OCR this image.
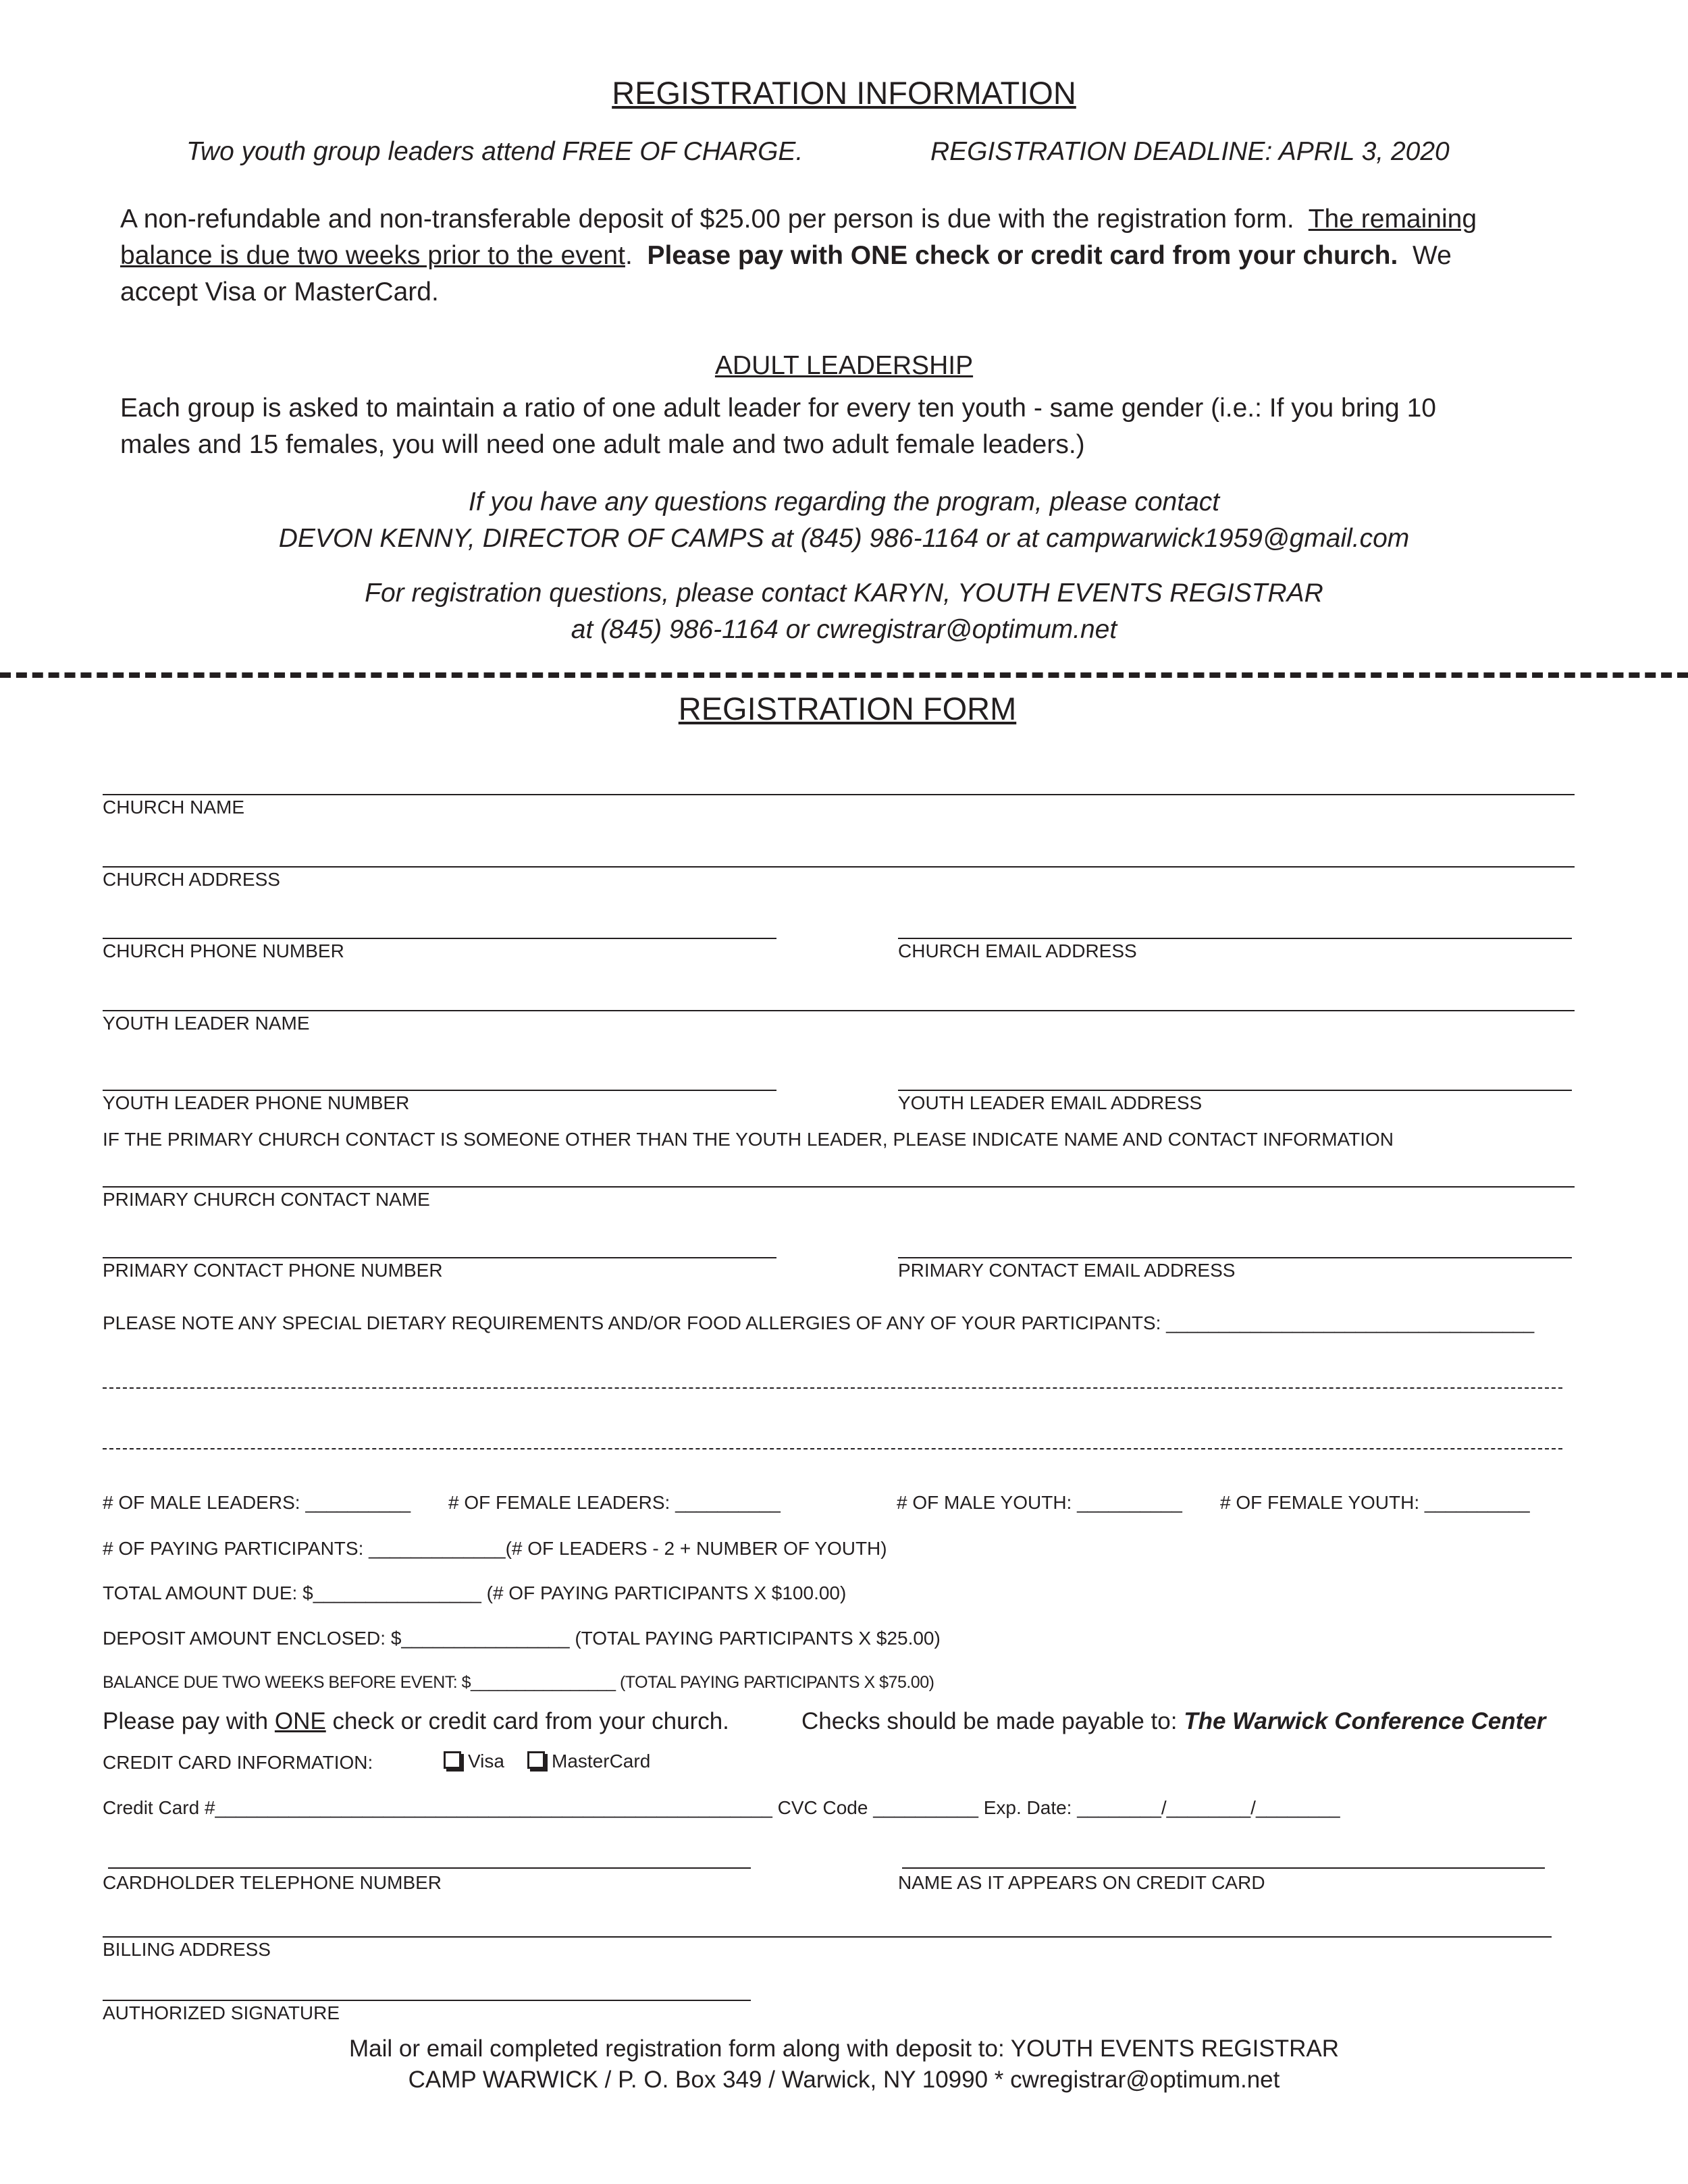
REGISTRATION INFORMATION
Two youth group leaders attend FREE OF CHARGE.	REGISTRATION DEADLINE: APRIL 3, 2020
A non-refundable and non-transferable deposit of $25.00 per person is due with the registration form. The remaining
balance is due two weeks prior to the event.  Please pay with ONE check or credit card from your church. We
accept Visa or MasterCard.
ADULT LEADERSHIP
Each group is asked to maintain a ratio of one adult leader for every ten youth - same gender (i.e.: If you bring 10
males and 15 females, you will need one adult male and two adult female leaders.)
If you have any questions regarding the program, please contact
DEVON KENNY, DIRECTOR OF CAMPS at (845) 986-1164 or at campwarwick1959@gmail.com
For registration questions, please contact KARYN, YOUTH EVENTS REGISTRAR
at (845) 986-1164 or cwregistrar@optimum.net
REGISTRATION FORM
CHURCH NAME
CHURCH ADDRESS
CHURCH PHONE NUMBER	CHURCH EMAIL ADDRESS
YOUTH LEADER NAME
YOUTH LEADER PHONE NUMBER	YOUTH LEADER EMAIL ADDRESS
IF THE PRIMARY CHURCH CONTACT IS SOMEONE OTHER THAN THE YOUTH LEADER, PLEASE INDICATE NAME AND CONTACT INFORMATION
PRIMARY CHURCH CONTACT NAME
PRIMARY CONTACT PHONE NUMBER	PRIMARY CONTACT EMAIL ADDRESS
PLEASE NOTE ANY SPECIAL DIETARY REQUIREMENTS AND/OR FOOD ALLERGIES OF ANY OF YOUR PARTICIPANTS: ___________________________________
# OF MALE LEADERS: __________ # OF FEMALE LEADERS: __________	# OF MALE YOUTH: __________ # OF FEMALE YOUTH: __________
# OF PAYING PARTICIPANTS: _____________(# OF LEADERS - 2 + NUMBER OF YOUTH)
TOTAL AMOUNT DUE: $________________ (# OF PAYING PARTICIPANTS X $100.00)
DEPOSIT AMOUNT ENCLOSED: $________________ (TOTAL PAYING PARTICIPANTS X $25.00)
BALANCE DUE TWO WEEKS BEFORE EVENT: $________________ (TOTAL PAYING PARTICIPANTS X $75.00)
Please pay with ONE check or credit card from your church.	Checks should be made payable to: The Warwick Conference Center
CREDIT CARD INFORMATION:	Visa	MasterCard
Credit Card #_____________________________________________________ CVC Code __________ Exp. Date: ________/________/________
CARDHOLDER TELEPHONE NUMBER	NAME AS IT APPEARS ON CREDIT CARD
BILLING ADDRESS
AUTHORIZED SIGNATURE
Mail or email completed registration form along with deposit to: YOUTH EVENTS REGISTRAR
CAMP WARWICK / P. O. Box 349 / Warwick, NY 10990 * cwregistrar@optimum.net
